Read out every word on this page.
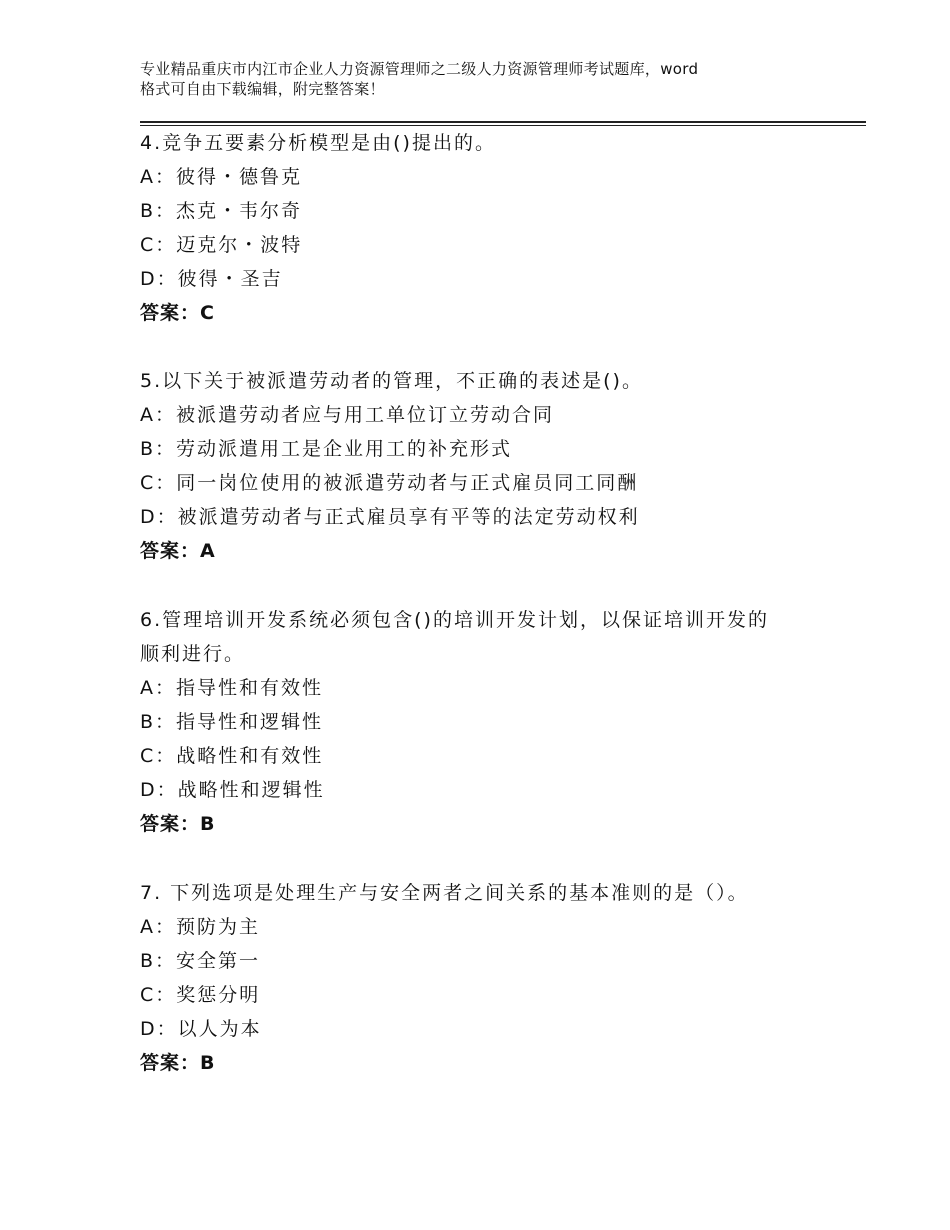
专业精品重庆市内江市企业人力资源管理师之二级人力资源管理师考试题库，word
格式可自由下载编辑，附完整答案！
4.竞争五要素分析模型是由()提出的。
A：彼得・德鲁克
B：杰克・韦尔奇
C：迈克尔・波特
D：彼得・圣吉
答案：C
5.以下关于被派遣劳动者的管理，不正确的表述是()。
A：被派遣劳动者应与用工单位订立劳动合同
B：劳动派遣用工是企业用工的补充形式
C：同一岗位使用的被派遣劳动者与正式雇员同工同酬
D：被派遣劳动者与正式雇员享有平等的法定劳动权利
答案：A
6.管理培训开发系统必须包含()的培训开发计划，以保证培训开发的
顺利进行。
A：指导性和有效性
B：指导性和逻辑性
C：战略性和有效性
D：战略性和逻辑性
答案：B
7. 下列选项是处理生产与安全两者之间关系的基本准则的是（）。
A：预防为主
B：安全第一
C：奖惩分明
D：以人为本
答案：B
